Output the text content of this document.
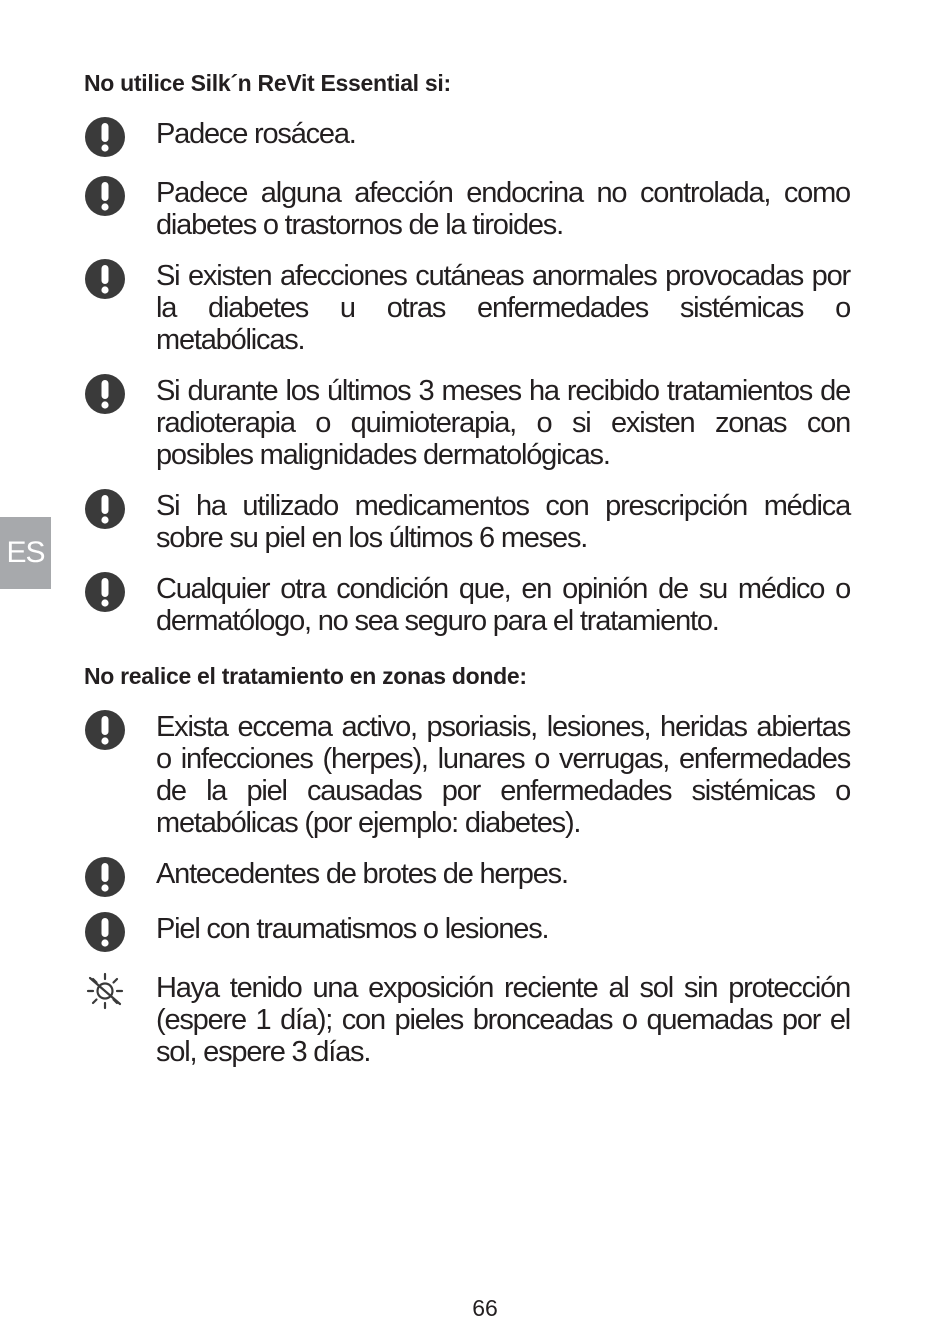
ES
No utilice Silk´n ReVit Essential si:
Padece rosácea.
Padece alguna afección endocrina no controlada, como diabetes o trastornos de la tiroides.
Si existen afecciones cutáneas anormales provocadas por la diabetes u otras enfermedades sistémicas o metabólicas.
Si durante los últimos 3 meses ha recibido tratamientos de radioterapia o quimioterapia, o si existen zonas con posibles malignidades dermatológicas.
Si ha utilizado medicamentos con prescripción médica sobre su piel en los últimos 6 meses.
Cualquier otra condición que, en opinión de su médico o dermatólogo, no sea seguro para el tratamiento.
No realice el tratamiento en zonas donde:
Exista eccema activo, psoriasis, lesiones, heridas abiertas o infecciones (herpes), lunares o verrugas, enfermedades de la piel causadas por enfermedades sistémicas o metabólicas (por ejemplo: diabetes).
Antecedentes de brotes de herpes.
Piel con traumatismos o lesiones.
Haya tenido una exposición reciente al sol sin protección (espere 1 día); con pieles bronceadas o quemadas por el sol, espere 3 días.
66
